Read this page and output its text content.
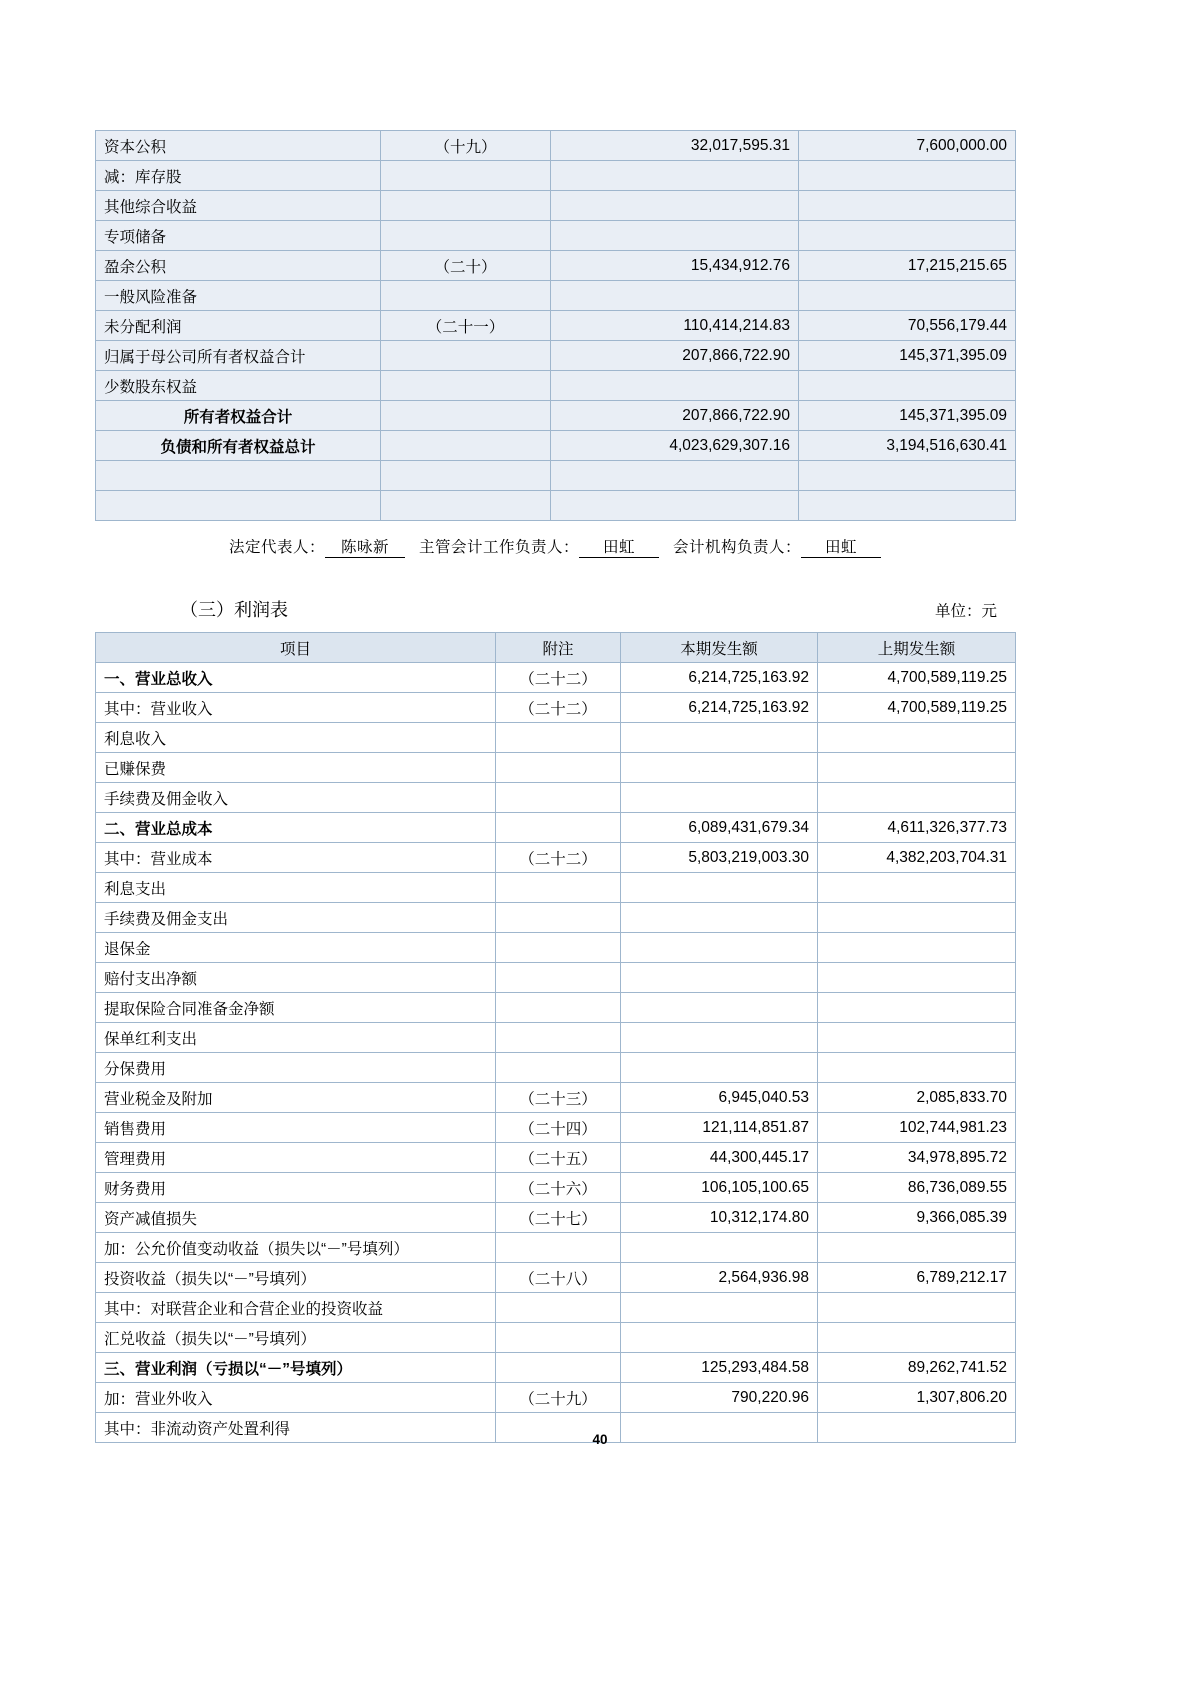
资本公积	（十九）	32,017,595.31	7,600,000.00
减：库存股			
其他综合收益			
专项储备			
盈余公积	（二十）	15,434,912.76	17,215,215.65
一般风险准备			
未分配利润	（二十一）	110,414,214.83	70,556,179.44
归属于母公司所有者权益合计		207,866,722.90	145,371,395.09
少数股东权益			
所有者权益合计		207,866,722.90	145,371,395.09
负债和所有者权益总计		4,023,629,307.16	3,194,516,630.41

法定代表人： 陈咏新 主管会计工作负责人： 田虹 会计机构负责人： 田虹
（三）利润表	单位：元
项目	附注	本期发生额	上期发生额
一、营业总收入	（二十二）	6,214,725,163.92	4,700,589,119.25
其中：营业收入	（二十二）	6,214,725,163.92	4,700,589,119.25
利息收入			
已赚保费			
手续费及佣金收入			
二、营业总成本		6,089,431,679.34	4,611,326,377.73
其中：营业成本	（二十二）	5,803,219,003.30	4,382,203,704.31
利息支出			
手续费及佣金支出			
退保金			
赔付支出净额			
提取保险合同准备金净额			
保单红利支出			
分保费用			
营业税金及附加	（二十三）	6,945,040.53	2,085,833.70
销售费用	（二十四）	121,114,851.87	102,744,981.23
管理费用	（二十五）	44,300,445.17	34,978,895.72
财务费用	（二十六）	106,105,100.65	86,736,089.55
资产减值损失	（二十七）	10,312,174.80	9,366,085.39
加：公允价值变动收益（损失以“－”号填列）			
投资收益（损失以“－”号填列）	（二十八）	2,564,936.98	6,789,212.17
其中：对联营企业和合营企业的投资收益			
汇兑收益（损失以“－”号填列）			
三、营业利润（亏损以“－”号填列）		125,293,484.58	89,262,741.52
加：营业外收入	（二十九）	790,220.96	1,307,806.20
其中：非流动资产处置利得			
40
